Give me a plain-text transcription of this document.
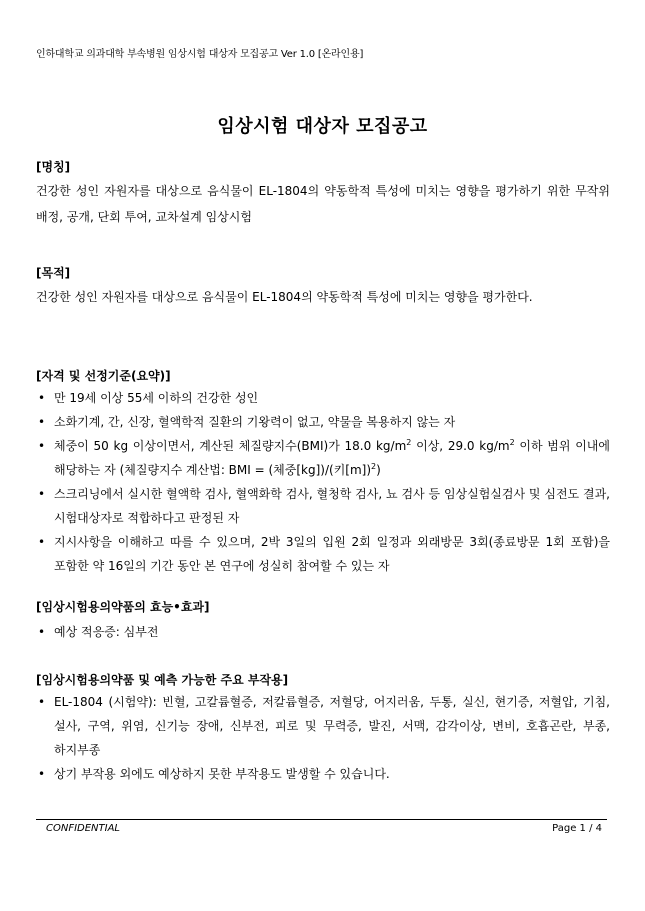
인하대학교 의과대학 부속병원 임상시험 대상자 모집공고 Ver 1.0 [온라인용]
임상시험 대상자 모집공고
[명칭]
건강한 성인 자원자를 대상으로 음식물이 EL-1804의 약동학적 특성에 미치는 영향을 평가하기 위한 무작위 배정, 공개, 단회 투여, 교차설계 임상시험
[목적]
건강한 성인 자원자를 대상으로 음식물이 EL-1804의 약동학적 특성에 미치는 영향을 평가한다.
[자격 및 선정기준(요약)]
• 만 19세 이상 55세 이하의 건강한 성인
• 소화기계, 간, 신장, 혈액학적 질환의 기왕력이 없고, 약물을 복용하지 않는 자
• 체중이 50 kg 이상이면서, 계산된 체질량지수(BMI)가 18.0 $kg/m^2$ 이상, 29.0 $kg/m^2$ 이하 범위 이내에 해당하는 자 (체질량지수 계산법: BMI = (체중[kg])/(키[m])$^2$)
• 스크리닝에서 실시한 혈액학 검사, 혈액화학 검사, 혈청학 검사, 뇨 검사 등 임상실험실검사 및 심전도 결과, 시험대상자로 적합하다고 판정된 자
• 지시사항을 이해하고 따를 수 있으며, 2박 3일의 입원 2회 일정과 외래방문 3회(종료방문 1회 포함)을 포함한 약 16일의 기간 동안 본 연구에 성실히 참여할 수 있는 자
[임상시험용의약품의 효능•효과]
• 예상 적응증: 심부전
[임상시험용의약품 및 예측 가능한 주요 부작용]
• EL-1804 (시험약): 빈혈, 고칼륨혈증, 저칼륨혈증, 저혈당, 어지러움, 두통, 실신, 현기증, 저혈압, 기침, 설사, 구역, 위염, 신기능 장애, 신부전, 피로 및 무력증, 발진, 서맥, 감각이상, 변비, 호흡곤란, 부종, 하지부종
• 상기 부작용 외에도 예상하지 못한 부작용도 발생할 수 있습니다.
CONFIDENTIAL	Page 1 / 4
